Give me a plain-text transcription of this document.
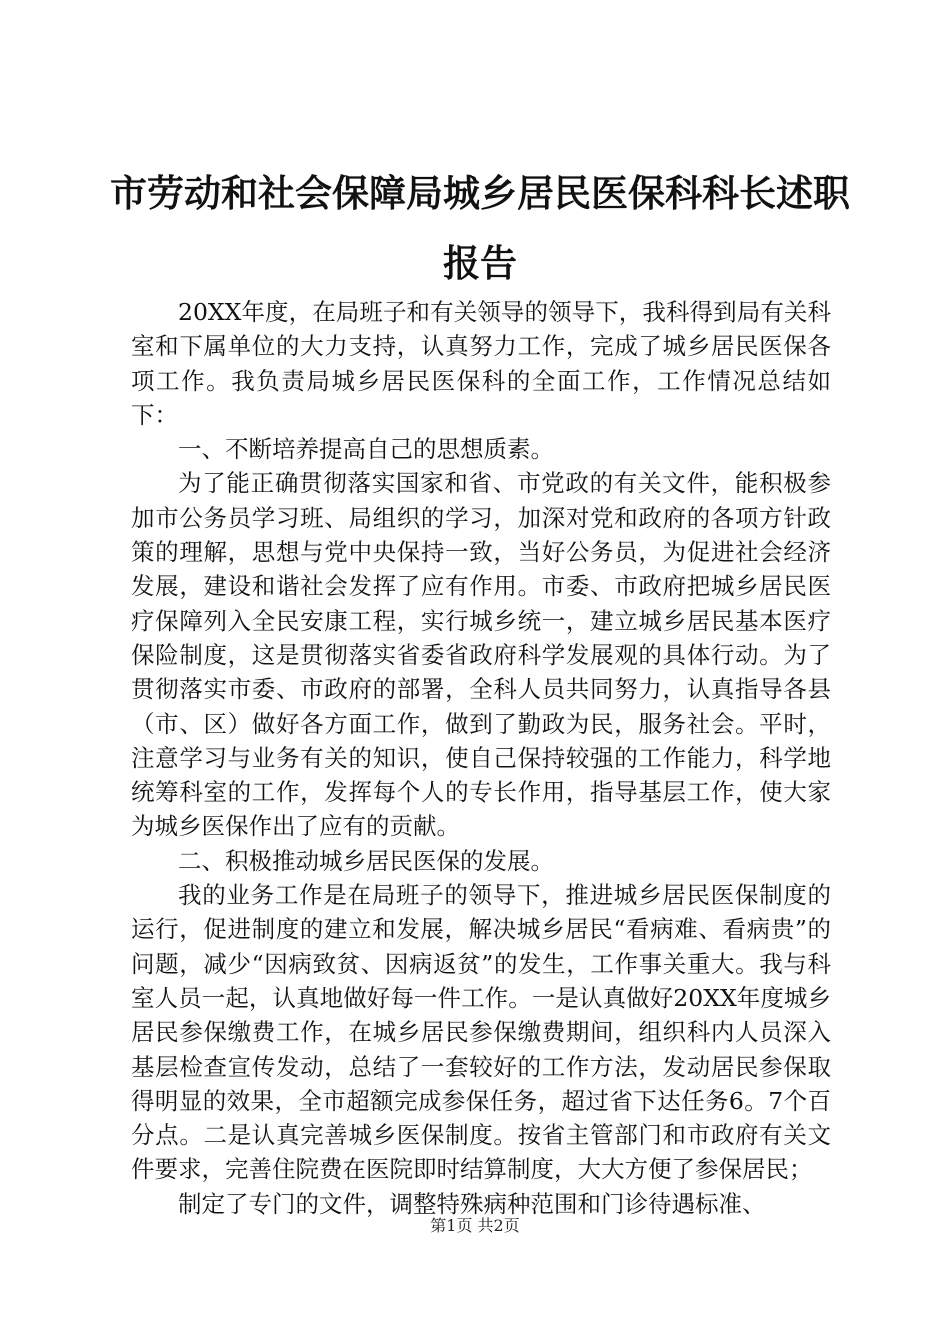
市劳动和社会保障局城乡居民医保科科长述职报告

20XX年度，在局班子和有关领导的领导下，我科得到局有关科室和下属单位的大力支持，认真努力工作，完成了城乡居民医保各项工作。我负责局城乡居民医保科的全面工作，工作情况总结如下：

一、不断培养提高自己的思想质素。

为了能正确贯彻落实国家和省、市党政的有关文件，能积极参加市公务员学习班、局组织的学习，加深对党和政府的各项方针政策的理解，思想与党中央保持一致，当好公务员，为促进社会经济发展，建设和谐社会发挥了应有作用。市委、市政府把城乡居民医疗保障列入全民安康工程，实行城乡统一，建立城乡居民基本医疗保险制度，这是贯彻落实省委省政府科学发展观的具体行动。为了贯彻落实市委、市政府的部署，全科人员共同努力，认真指导各县（市、区）做好各方面工作，做到了勤政为民，服务社会。平时，注意学习与业务有关的知识，使自己保持较强的工作能力，科学地统筹科室的工作，发挥每个人的专长作用，指导基层工作，使大家为城乡医保作出了应有的贡献。

二、积极推动城乡居民医保的发展。

我的业务工作是在局班子的领导下，推进城乡居民医保制度的运行，促进制度的建立和发展，解决城乡居民“看病难、看病贵”的问题，减少“因病致贫、因病返贫”的发生，工作事关重大。我与科室人员一起，认真地做好每一件工作。一是认真做好20XX年度城乡居民参保缴费工作，在城乡居民参保缴费期间，组织科内人员深入基层检查宣传发动，总结了一套较好的工作方法，发动居民参保取得明显的效果，全市超额完成参保任务，超过省下达任务6。7个百分点。二是认真完善城乡医保制度。按省主管部门和市政府有关文件要求，完善住院费在医院即时结算制度，大大方便了参保居民；

制定了专门的文件，调整特殊病种范围和门诊待遇标准、

第1页 共2页
